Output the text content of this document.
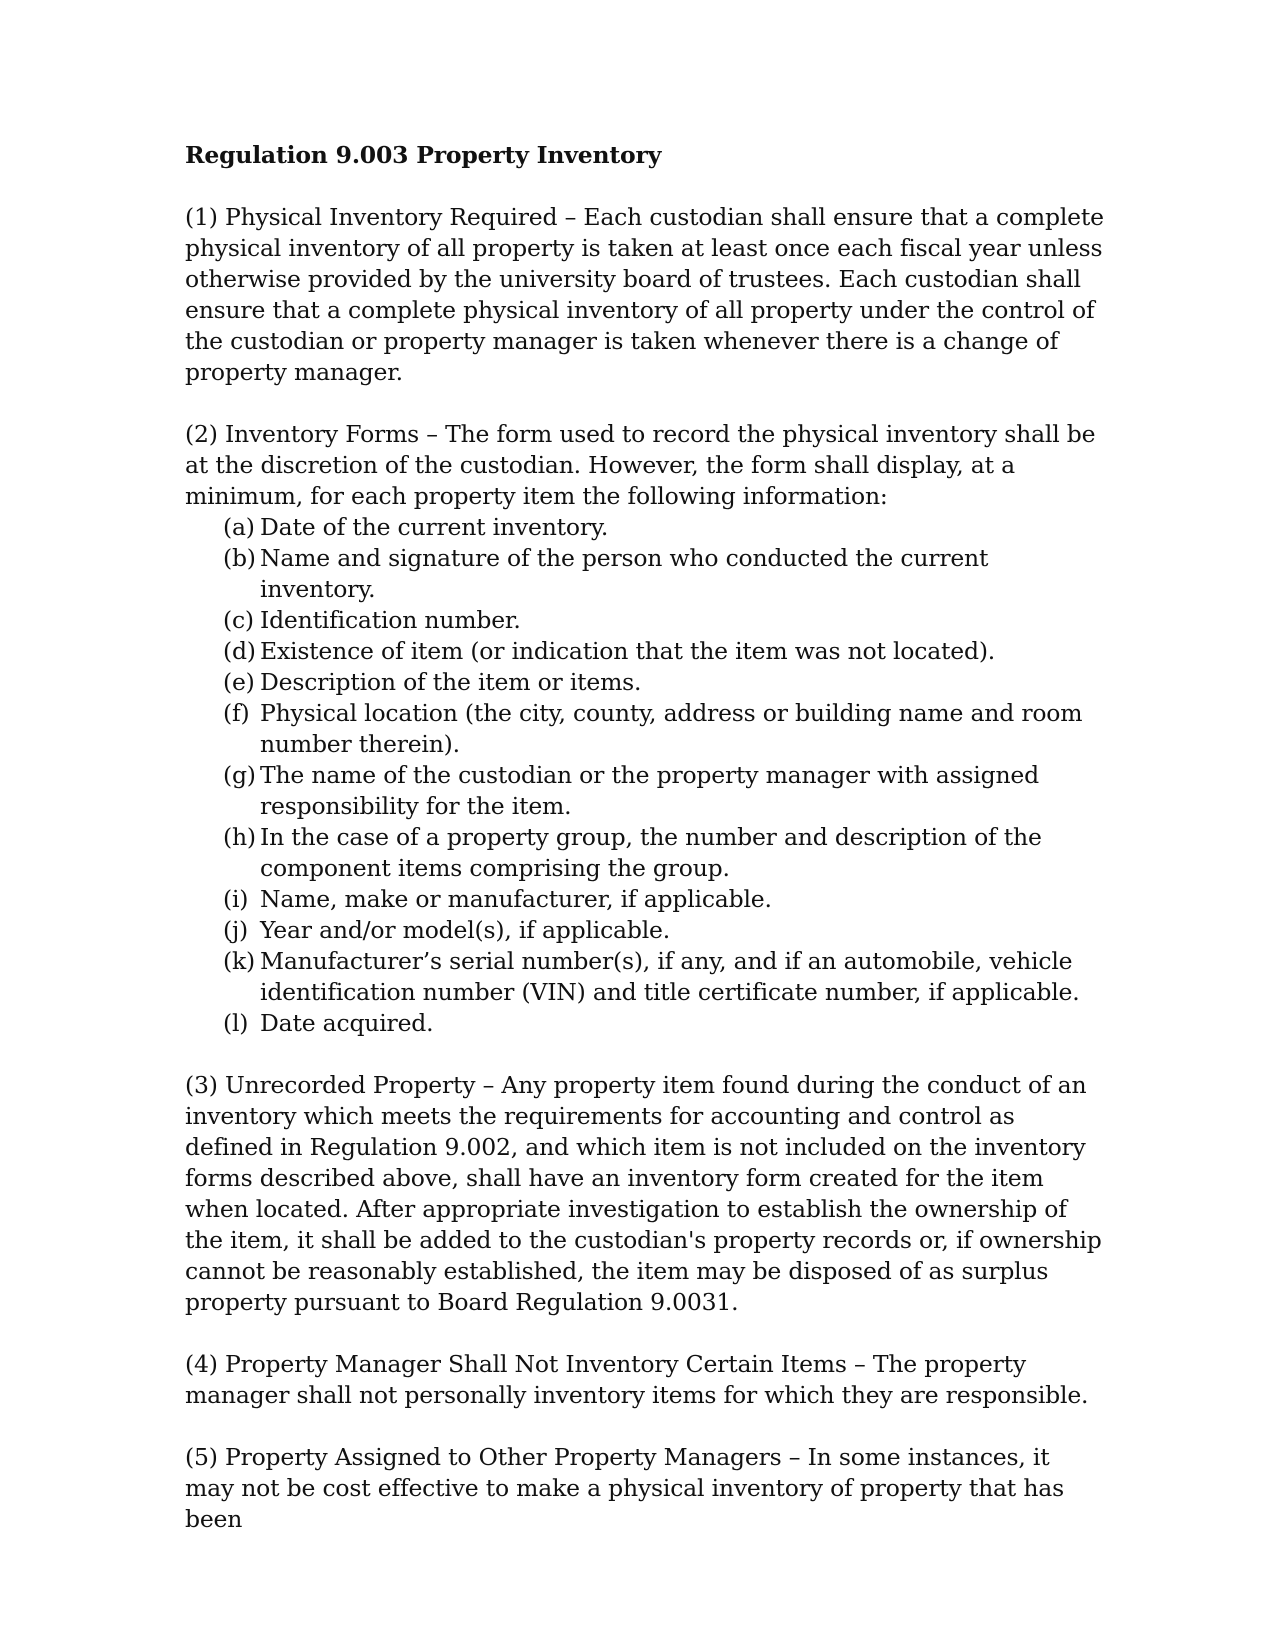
Regulation 9.003 Property Inventory
(1) Physical Inventory Required – Each custodian shall ensure that a complete physical inventory of all property is taken at least once each fiscal year unless otherwise provided by the university board of trustees. Each custodian shall ensure that a complete physical inventory of all property under the control of the custodian or property manager is taken whenever there is a change of property manager.
(2) Inventory Forms – The form used to record the physical inventory shall be at the discretion of the custodian. However, the form shall display, at a minimum, for each property item the following information:
(a) Date of the current inventory.
(b) Name and signature of the person who conducted the current inventory.
(c) Identification number.
(d) Existence of item (or indication that the item was not located).
(e) Description of the item or items.
(f) Physical location (the city, county, address or building name and room number therein).
(g) The name of the custodian or the property manager with assigned responsibility for the item.
(h) In the case of a property group, the number and description of the component items comprising the group.
(i) Name, make or manufacturer, if applicable.
(j) Year and/or model(s), if applicable.
(k) Manufacturer’s serial number(s), if any, and if an automobile, vehicle identification number (VIN) and title certificate number, if applicable.
(l) Date acquired.
(3) Unrecorded Property – Any property item found during the conduct of an inventory which meets the requirements for accounting and control as defined in Regulation 9.002, and which item is not included on the inventory forms described above, shall have an inventory form created for the item when located. After appropriate investigation to establish the ownership of the item, it shall be added to the custodian's property records or, if ownership cannot be reasonably established, the item may be disposed of as surplus property pursuant to Board Regulation 9.0031.
(4) Property Manager Shall Not Inventory Certain Items – The property manager shall not personally inventory items for which they are responsible.
(5) Property Assigned to Other Property Managers – In some instances, it may not be cost effective to make a physical inventory of property that has been
